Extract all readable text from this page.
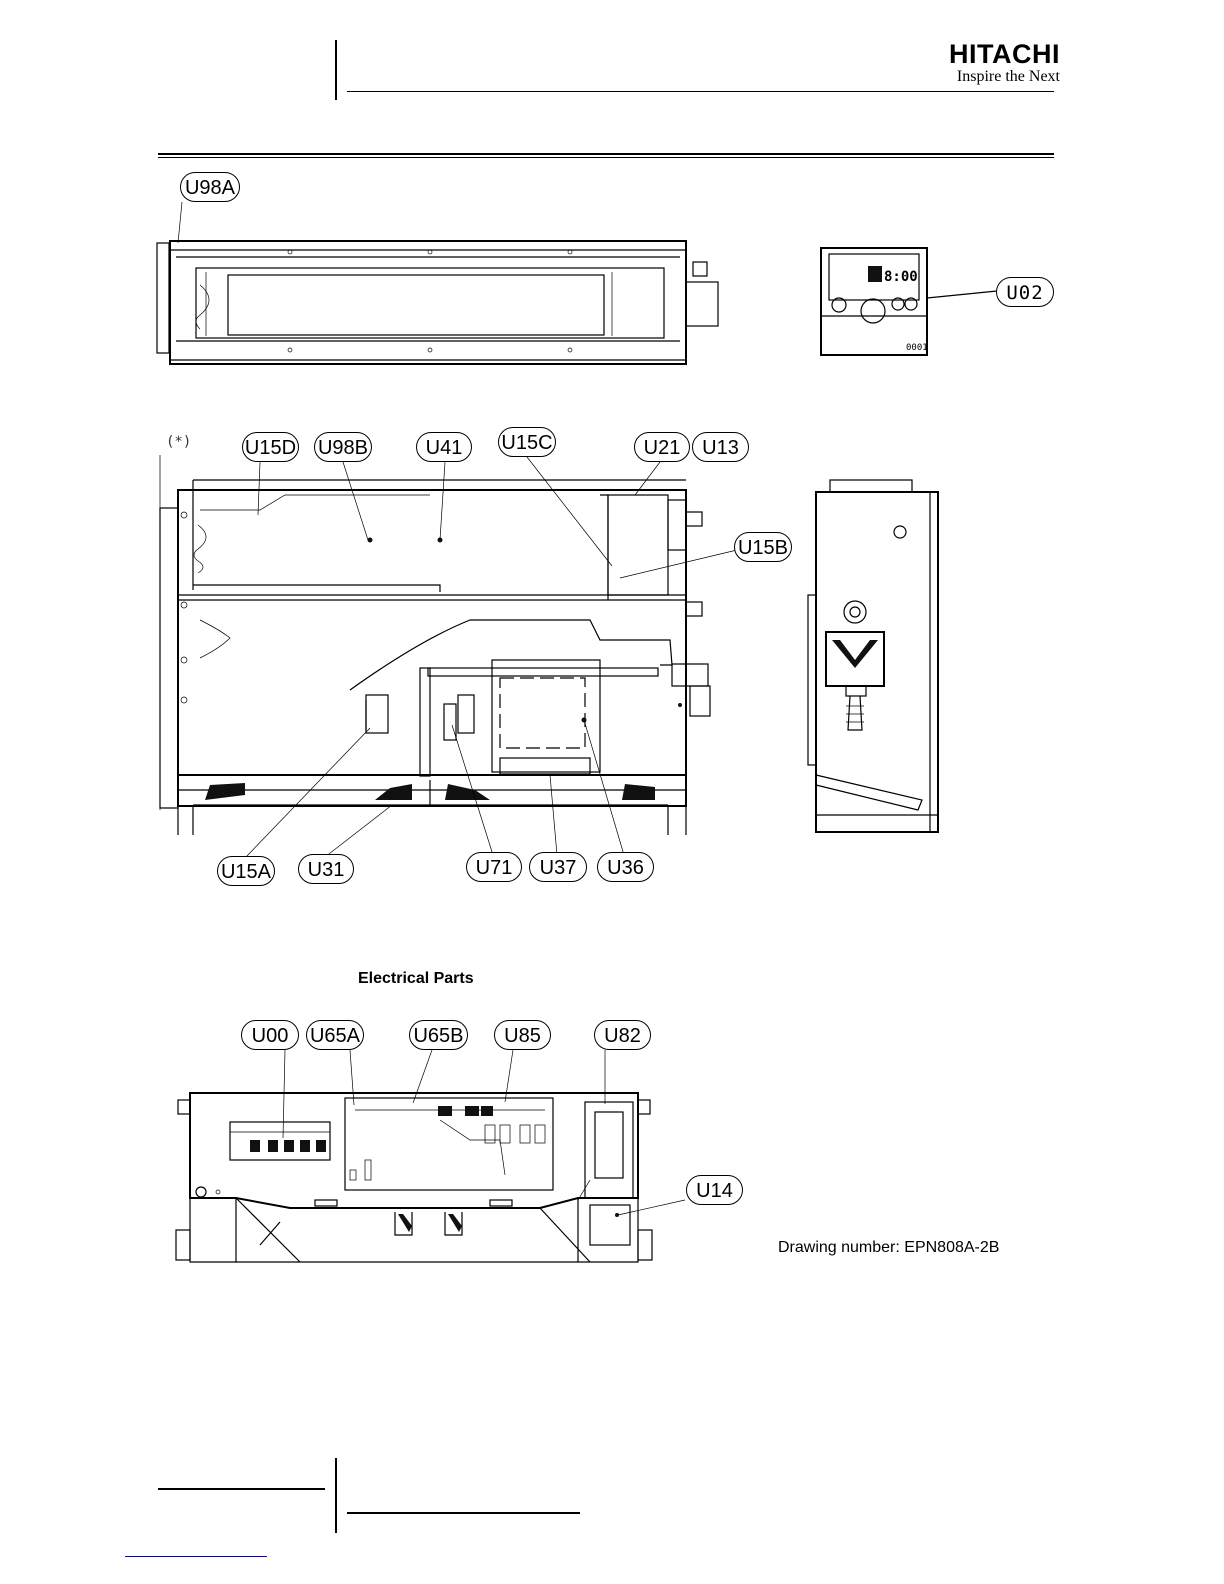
HITACHI
Inspire the Next
8:00
0001
U98A
U02
(*)	U15D U98B	U41	U15C	U21	U13
U15B
U15A	U31	U71	U37	U36
Electrical Parts
U00	U65A	U65B	U85	U82
U14
Drawing number: EPN808A-2B
